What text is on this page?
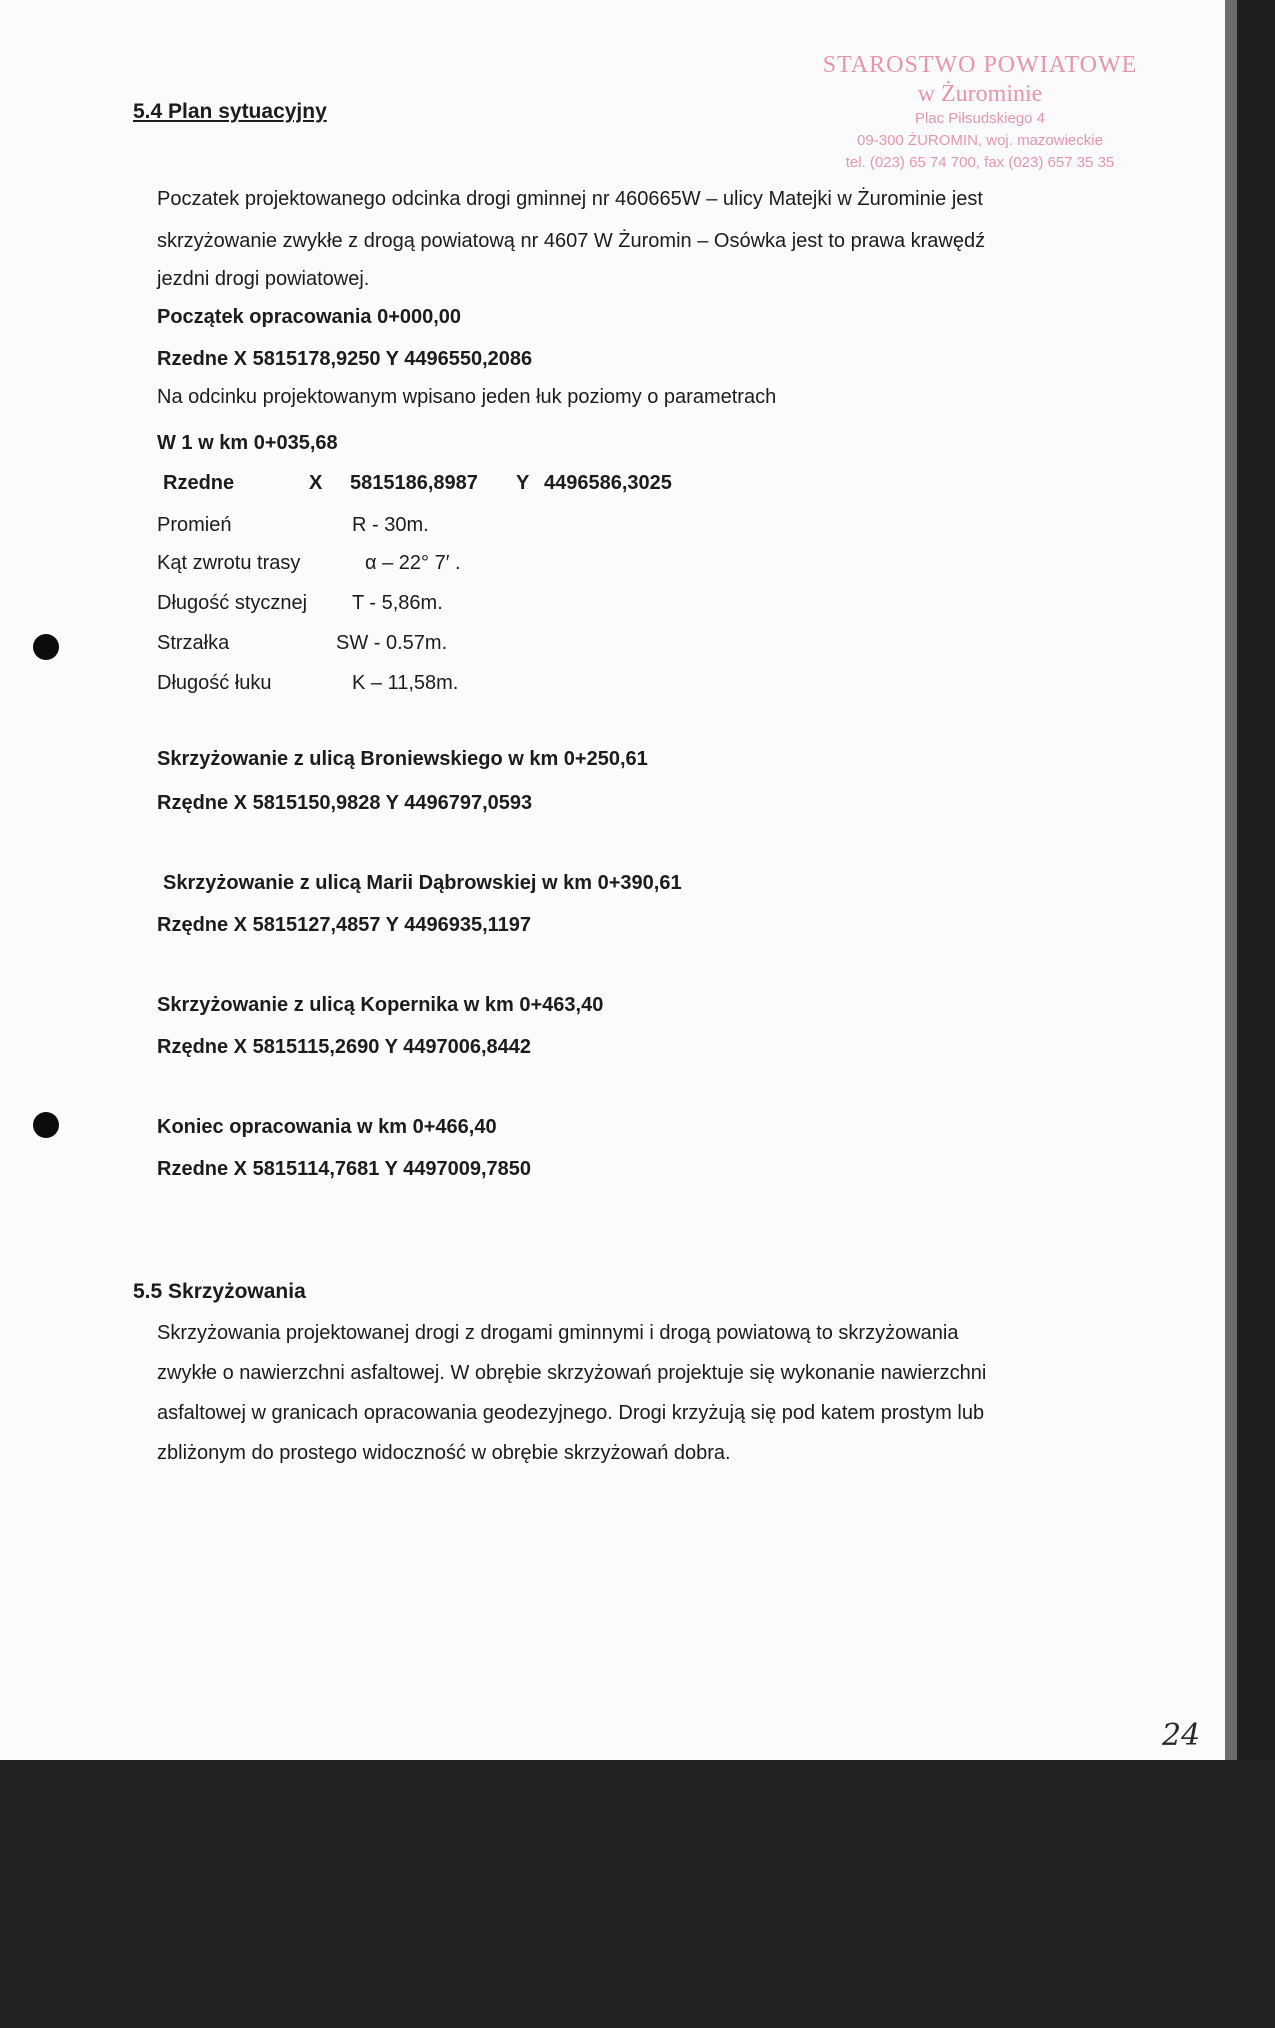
STAROSTWO POWIATOWE
w Żurominie
Plac Piłsudskiego 4
09-300 ŻUROMIN, woj. mazowieckie
tel. (023) 65 74 700, fax (023) 657 35 35
5.4 Plan sytuacyjny
Poczatek projektowanego odcinka drogi gminnej nr 460665W – ulicy Matejki w Żurominie jest
skrzyżowanie zwykłe z drogą powiatową nr 4607 W Żuromin – Osówka jest to prawa krawędź
jezdni drogi powiatowej.
Początek opracowania 0+000,00
Rzedne X 5815178,9250 Y 4496550,2086
Na odcinku projektowanym wpisano jeden łuk poziomy o parametrach
W 1 w km 0+035,68
Rzedne	X 5815186,8987 Y 4496586,3025
Promień	R - 30m.
Kąt zwrotu trasy	α – 22° 7′ .
Długość stycznej T - 5,86m.
Strzałka	SW - 0.57m.
Długość łuku	K – 11,58m.
Skrzyżowanie z ulicą Broniewskiego w km 0+250,61
Rzędne X 5815150,9828 Y 4496797,0593
Skrzyżowanie z ulicą Marii Dąbrowskiej w km 0+390,61
Rzędne X 5815127,4857 Y 4496935,1197
Skrzyżowanie z ulicą Kopernika w km 0+463,40
Rzędne X 5815115,2690 Y 4497006,8442
Koniec opracowania w km 0+466,40
Rzedne X 5815114,7681 Y 4497009,7850
5.5 Skrzyżowania
Skrzyżowania projektowanej drogi z drogami gminnymi i drogą powiatową to skrzyżowania
zwykłe o nawierzchni asfaltowej. W obrębie skrzyżowań projektuje się wykonanie nawierzchni
asfaltowej w granicach opracowania geodezyjnego. Drogi krzyżują się pod katem prostym lub
zbliżonym do prostego widoczność w obrębie skrzyżowań dobra.
24
